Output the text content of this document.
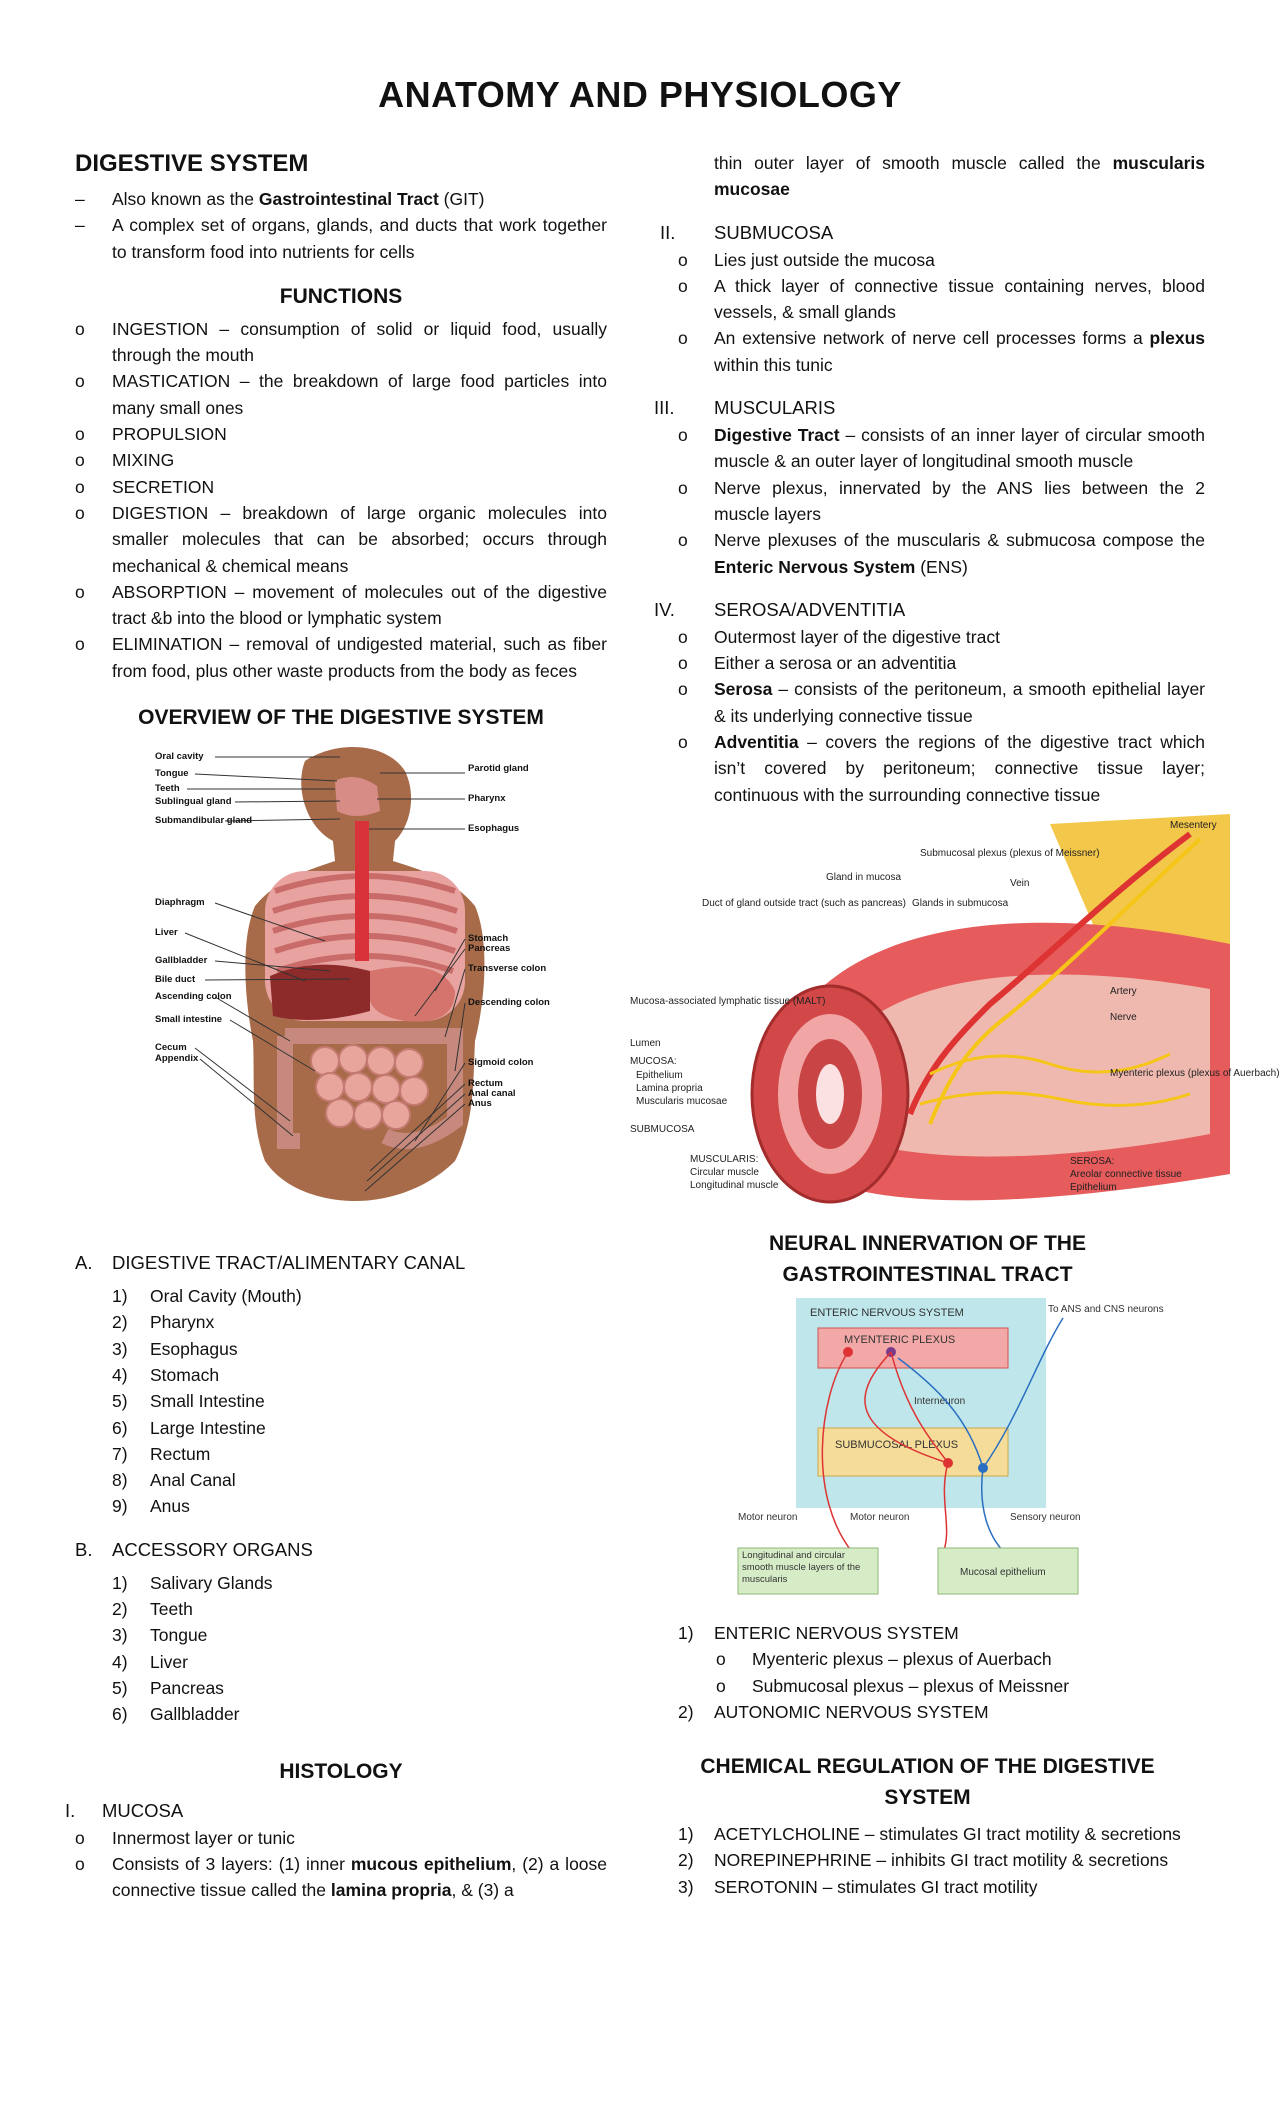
ANATOMY AND PHYSIOLOGY
DIGESTIVE SYSTEM
– Also known as the Gastrointestinal Tract (GIT)
– A complex set of organs, glands, and ducts that work together to transform food into nutrients for cells
FUNCTIONS
o INGESTION – consumption of solid or liquid food, usually through the mouth
o MASTICATION – the breakdown of large food particles into many small ones
o PROPULSION
o MIXING
o SECRETION
o DIGESTION – breakdown of large organic molecules into smaller molecules that can be absorbed; occurs through mechanical & chemical means
o ABSORPTION – movement of molecules out of the digestive tract &b into the blood or lymphatic system
o ELIMINATION – removal of undigested material, such as fiber from food, plus other waste products from the body as feces
OVERVIEW OF THE DIGESTIVE SYSTEM
Oral cavity
Tongue
Teeth
Sublingual gland
Submandibular gland
Diaphragm
Liver
Gallbladder
Bile duct
Ascending colon
Small intestine
Cecum
Appendix
Parotid gland
Pharynx
Esophagus
Stomach
Pancreas
Transverse colon
Descending colon
Sigmoid colon
Rectum
Anal canal
Anus
A. DIGESTIVE TRACT/ALIMENTARY CANAL
1) Oral Cavity (Mouth)
2) Pharynx
3) Esophagus
4) Stomach
5) Small Intestine
6) Large Intestine
7) Rectum
8) Anal Canal
9) Anus
B. ACCESSORY ORGANS
1) Salivary Glands
2) Teeth
3) Tongue
4) Liver
5) Pancreas
6) Gallbladder
HISTOLOGY
I. MUCOSA
o Innermost layer or tunic
o Consists of 3 layers: (1) inner mucous epithelium, (2) a loose connective tissue called the lamina propria, & (3) a
thin outer layer of smooth muscle called the muscularis mucosae
II. SUBMUCOSA
o Lies just outside the mucosa
o A thick layer of connective tissue containing nerves, blood vessels, & small glands
o An extensive network of nerve cell processes forms a plexus within this tunic
III. MUSCULARIS
o Digestive Tract – consists of an inner layer of circular smooth muscle & an outer layer of longitudinal smooth muscle
o Nerve plexus, innervated by the ANS lies between the 2 muscle layers
o Nerve plexuses of the muscularis & submucosa compose the Enteric Nervous System (ENS)
IV. SEROSA/ADVENTITIA
o Outermost layer of the digestive tract
o Either a serosa or an adventitia
o Serosa – consists of the peritoneum, a smooth epithelial layer & its underlying connective tissue
o Adventitia – covers the regions of the digestive tract which isn’t covered by peritoneum; connective tissue layer; continuous with the surrounding connective tissue
Mesentery
Submucosal plexus (plexus of Meissner)
Vein
Gland in mucosa
Glands in submucosa
Duct of gland outside tract (such as pancreas)
Artery
Nerve
Mucosa-associated lymphatic tissue (MALT)
Lumen
MUCOSA:
Epithelium
Lamina propria
Muscularis mucosae
Myenteric plexus (plexus of Auerbach)
SUBMUCOSA
MUSCULARIS:
Circular muscle
Longitudinal muscle
SEROSA:
Areolar connective tissue
Epithelium
NEURAL INNERVATION OF THE GASTROINTESTINAL TRACT
ENTERIC NERVOUS SYSTEM
MYENTERIC PLEXUS
SUBMUCOSAL PLEXUS
Interneuron
To ANS and CNS neurons
Motor neuron	Motor neuron	Sensory neuron
Longitudinal and circular smooth muscle layers of the muscularis
Mucosal epithelium
1) ENTERIC NERVOUS SYSTEM
o Myenteric plexus – plexus of Auerbach
o Submucosal plexus – plexus of Meissner
2) AUTONOMIC NERVOUS SYSTEM
CHEMICAL REGULATION OF THE DIGESTIVE SYSTEM
1) ACETYLCHOLINE – stimulates GI tract motility & secretions
2) NOREPINEPHRINE – inhibits GI tract motility & secretions
3) SEROTONIN – stimulates GI tract motility
